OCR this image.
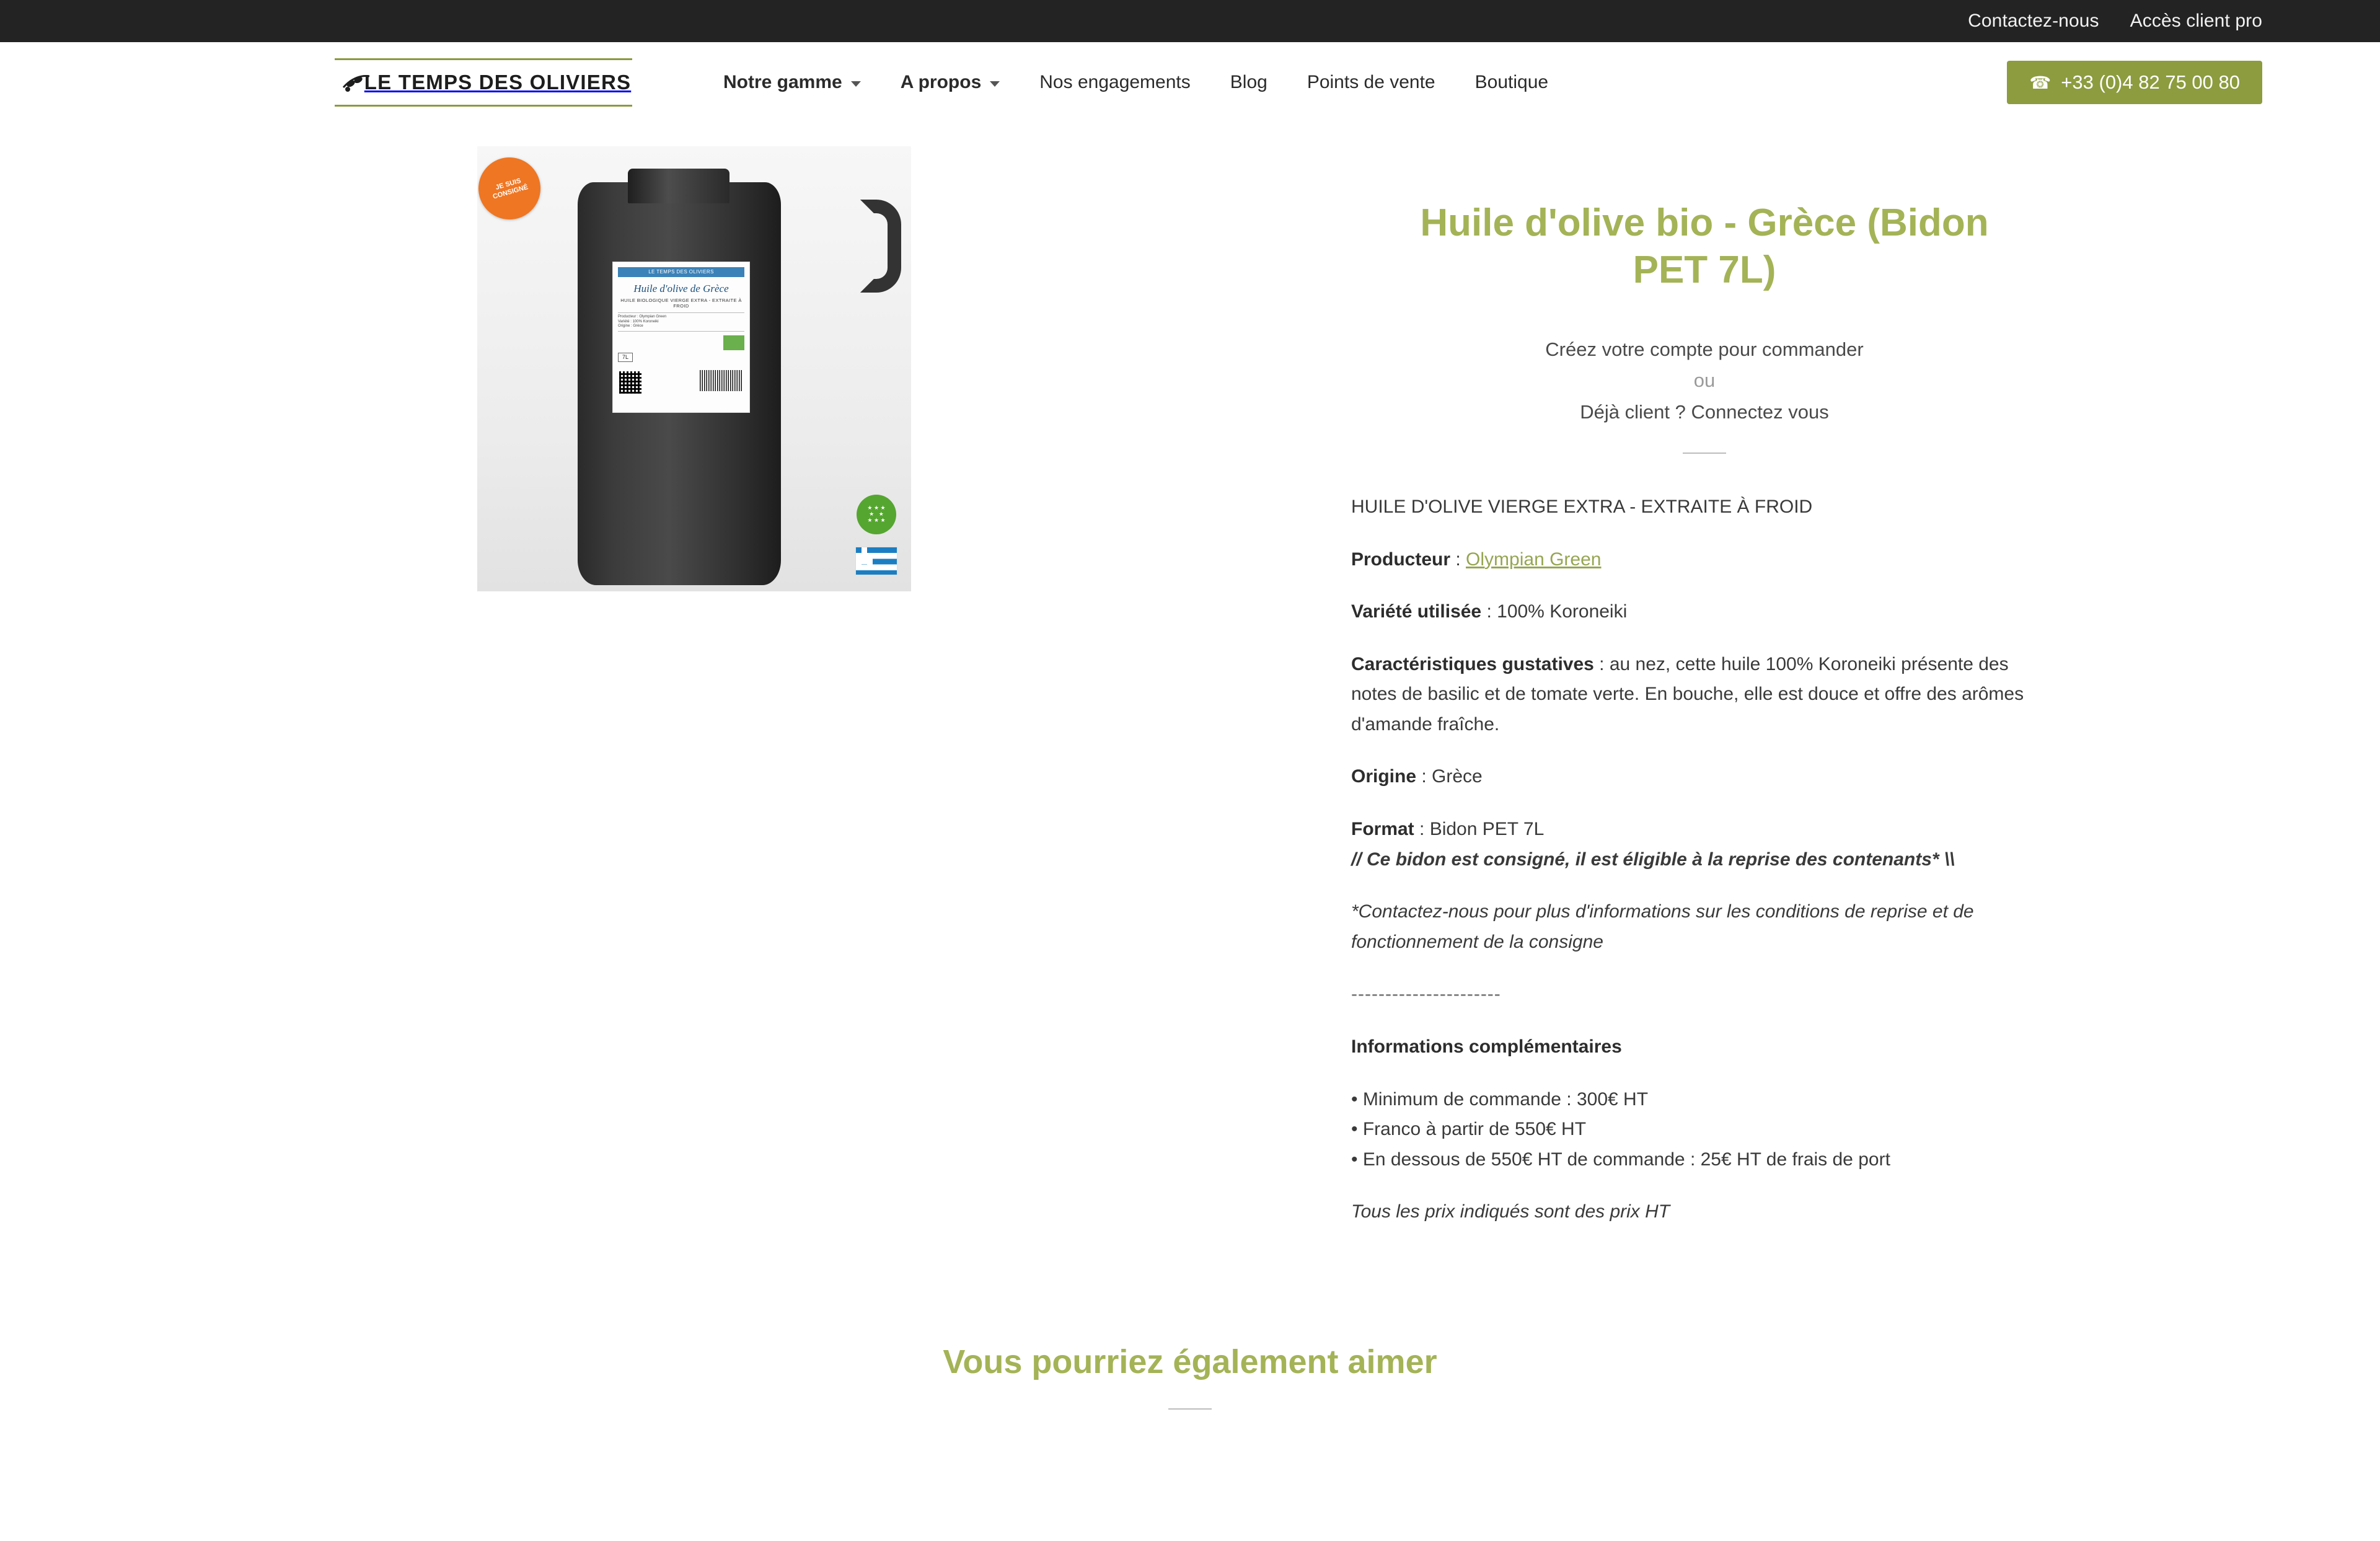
Contactez-nous Accès client pro
LE TEMPS DES OLIVIERS	Notre gamme	A propos	Nos engagements Blog Points de vente Boutique	☎ +33 (0)4 82 75 00 80
LE TEMPS DES OLIVIERS
Huile d'olive de Grèce
HUILE BIOLOGIQUE VIERGE EXTRA - EXTRAITE À FROID
Producteur : Olympian Green
Variété : 100% Koroneiki
Origine : Grèce
7L
JE SUIS CONSIGNÉ
★ ★ ★
★   ★
★ ★ ★
Huile d'olive bio - Grèce (Bidon PET 7L)
Créez votre compte pour commander
ou
Déjà client ? Connectez vous

HUILE D'OLIVE VIERGE EXTRA - EXTRAITE À FROID

Producteur : Olympian Green

Variété utilisée : 100% Koroneiki

Caractéristiques gustatives : au nez, cette huile 100% Koroneiki présente des notes de basilic et de tomate verte. En bouche, elle est douce et offre des arômes d'amande fraîche.

Origine : Grèce

Format : Bidon PET 7L

// Ce bidon est consigné, il est éligible à la reprise des contenants* \\

*Contactez-nous pour plus d'informations sur les conditions de reprise et de fonctionnement de la consigne

----------------------

Informations complémentaires

• Minimum de commande : 300€ HT
• Franco à partir de 550€ HT
• En dessous de 550€ HT de commande : 25€ HT de frais de port

Tous les prix indiqués sont des prix HT

Vous pourriez également aimer
